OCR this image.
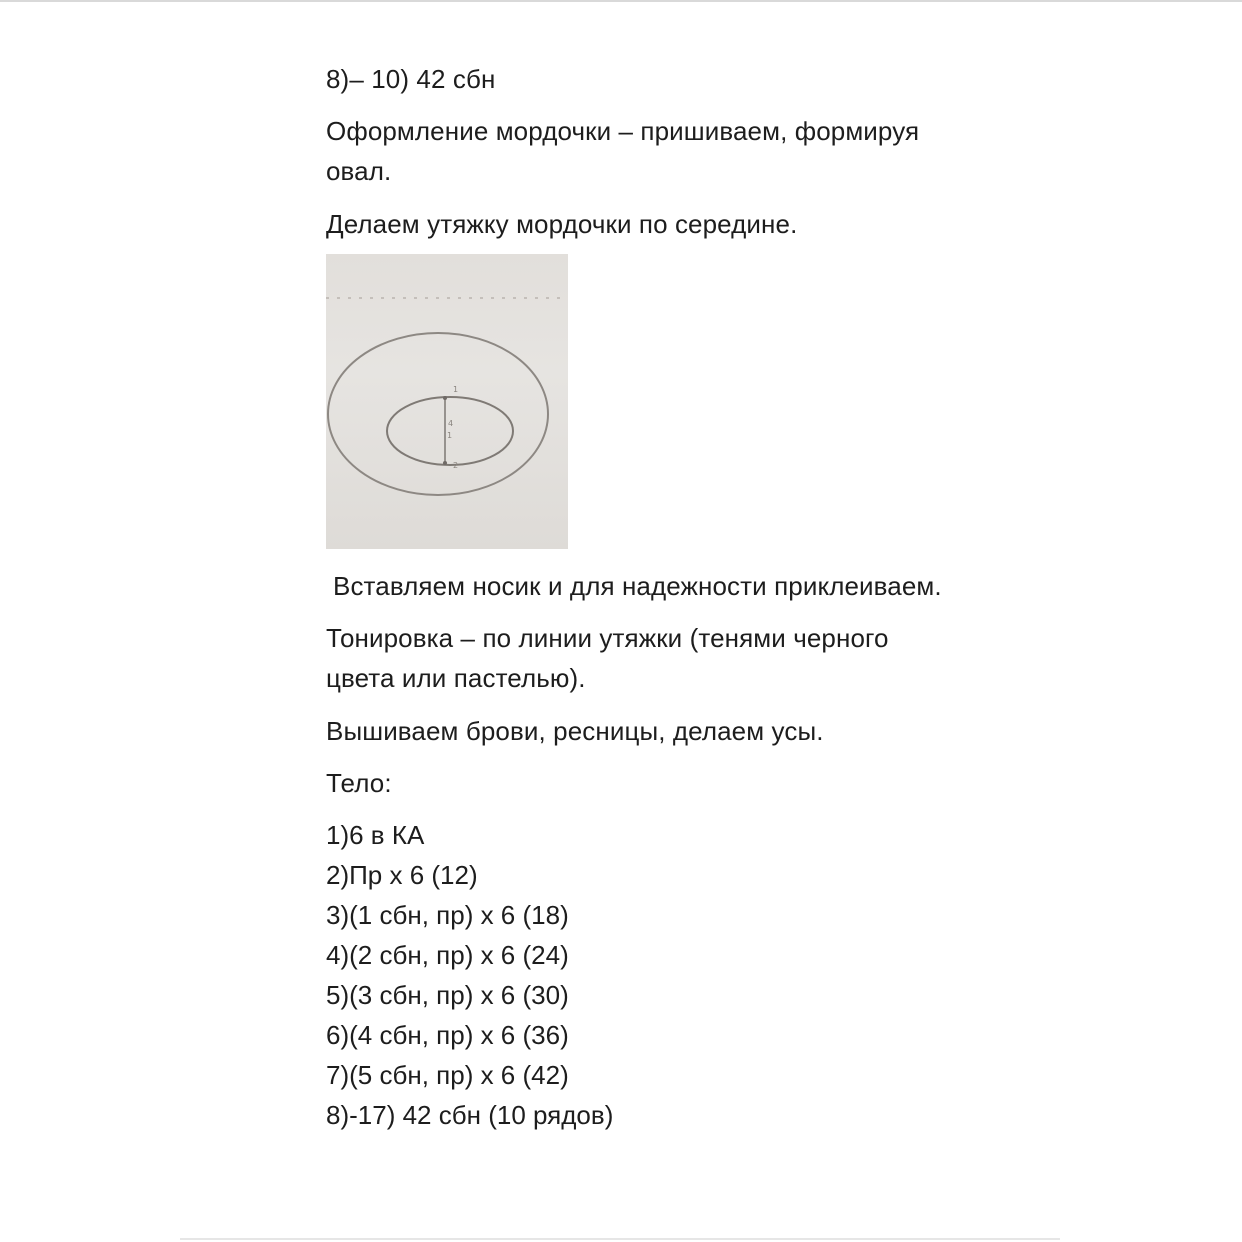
8)– 10) 42 сбн
Оформление мордочки – пришиваем, формируя
овал.
Делаем утяжку мордочки по середине.
1
4
1
2
Вставляем носик и для надежности приклеиваем.
Тонировка – по линии утяжки (тенями черного
цвета или пастелью).
Вышиваем брови, ресницы, делаем усы.
Тело:
1)6 в КА
2)Пр х 6 (12)
3)(1 сбн, пр) х 6 (18)
4)(2 сбн, пр) х 6 (24)
5)(3 сбн, пр) х 6 (30)
6)(4 сбн, пр) х 6 (36)
7)(5 сбн, пр) х 6 (42)
8)-17) 42 сбн (10 рядов)
